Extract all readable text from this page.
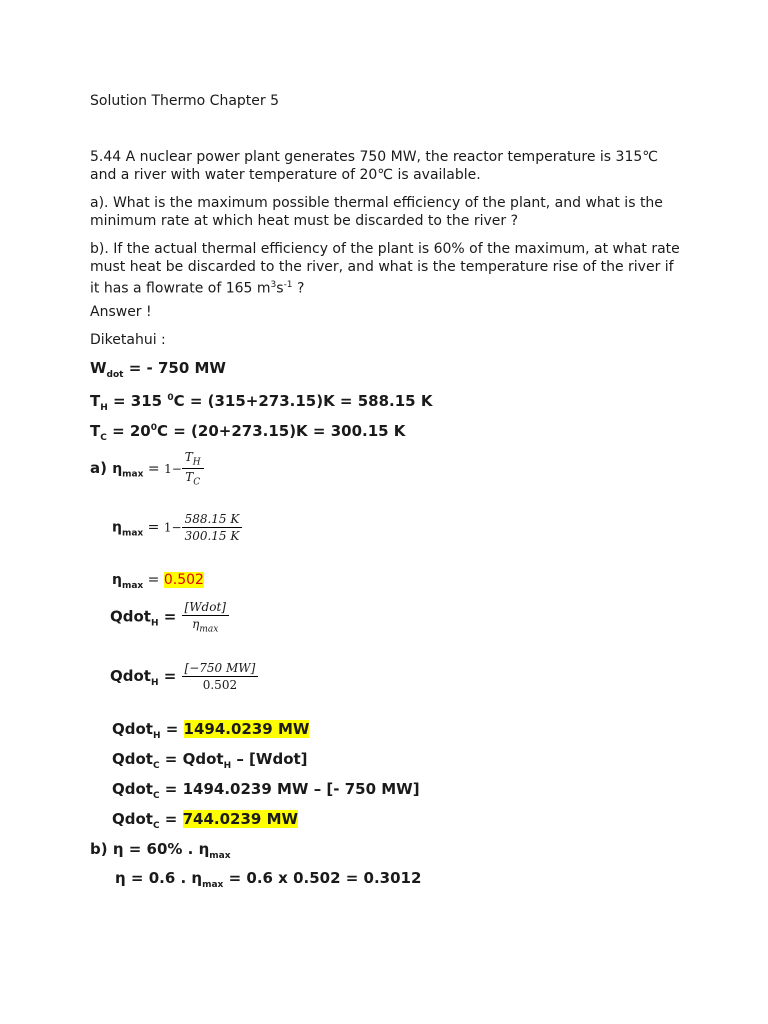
Solution Thermo Chapter 5
5.44 A nuclear power plant generates 750 MW, the reactor temperature is 315℃
and a river with water temperature of 20℃ is available.
a). What is the maximum possible thermal efficiency of the plant, and what is the
minimum rate at which heat must be discarded to the river ?
b). If the actual thermal efficiency of the plant is 60% of the maximum, at what rate
must heat be discarded to the river, and what is the temperature rise of the river if
it has a flowrate of 165 $m^3s^{-1}$ ?
Answer !
Diketahui :
$W_{dot}$ = - 750 MW
$T_H = 315$ $^0$C = (315+273.15)K = 588.15 K
$T_C = 20^0C = (20+273.15)K = 300.15$ K
a) $\eta_{max} = 1- \frac{T_H}{T_C}$
$\eta_{max} = 1- \frac{588.15 K}{300.15 K}$
$\eta_{max} = 0.502$
Qdot$_H$ = $\frac{\text{[Wdot]}}{\eta_{max}}$
Qdot$_H$ = $\frac{[-750 MW]}{0.502}$
Qdot$_H$ = 1494.0239 MW
Qdot$_C$ = Qdot$_H$ – [Wdot]
Qdot$_C$ = 1494.0239 MW – [- 750 MW]
Qdot$_C$ = 744.0239 MW
b) η = 60% . $\eta_{max}$
η = 0.6 . $\eta_{max} = 0.6$ x 0.502 = 0.3012
